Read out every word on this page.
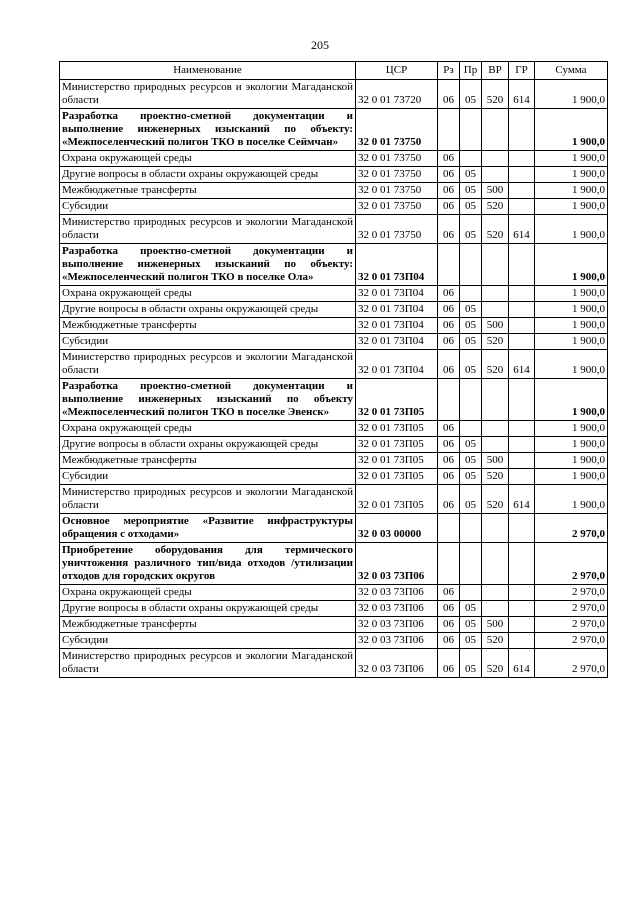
205
Наименование	ЦСР	Рз	Пр	ВР	ГР	Сумма
Министерство природных ресурсов и экологии Магаданской области	32 0 01 73720	06	05	520	614	1 900,0
Разработка проектно-сметной документации и выполнение инженерных изысканий по объекту: «Межпоселенческий полигон ТКО в поселке Сеймчан»	32 0 01 73750					1 900,0
Охрана окружающей среды	32 0 01 73750	06				1 900,0
Другие вопросы в области охраны окружающей среды	32 0 01 73750	06	05			1 900,0
Межбюджетные трансферты	32 0 01 73750	06	05	500		1 900,0
Субсидии	32 0 01 73750	06	05	520		1 900,0
Министерство природных ресурсов и экологии Магаданской области	32 0 01 73750	06	05	520	614	1 900,0
Разработка проектно-сметной документации и выполнение инженерных изысканий по объекту: «Межпоселенческий полигон ТКО в поселке Ола»	32 0 01 73П04					1 900,0
Охрана окружающей среды	32 0 01 73П04	06				1 900,0
Другие вопросы в области охраны окружающей среды	32 0 01 73П04	06	05			1 900,0
Межбюджетные трансферты	32 0 01 73П04	06	05	500		1 900,0
Субсидии	32 0 01 73П04	06	05	520		1 900,0
Министерство природных ресурсов и экологии Магаданской области	32 0 01 73П04	06	05	520	614	1 900,0
Разработка проектно-сметной документации и выполнение инженерных изысканий по объекту «Межпоселенческий полигон ТКО в поселке Эвенск»	32 0 01 73П05					1 900,0
Охрана окружающей среды	32 0 01 73П05	06				1 900,0
Другие вопросы в области охраны окружающей среды	32 0 01 73П05	06	05			1 900,0
Межбюджетные трансферты	32 0 01 73П05	06	05	500		1 900,0
Субсидии	32 0 01 73П05	06	05	520		1 900,0
Министерство природных ресурсов и экологии Магаданской области	32 0 01 73П05	06	05	520	614	1 900,0
Основное мероприятие «Развитие инфраструктуры обращения с отходами»	32 0 03 00000					2 970,0
Приобретение оборудования для термического уничтожения различного тип/вида отходов /утилизации отходов для городских округов	32 0 03 73П06					2 970,0
Охрана окружающей среды	32 0 03 73П06	06				2 970,0
Другие вопросы в области охраны окружающей среды	32 0 03 73П06	06	05			2 970,0
Межбюджетные трансферты	32 0 03 73П06	06	05	500		2 970,0
Субсидии	32 0 03 73П06	06	05	520		2 970,0
Министерство природных ресурсов и экологии Магаданской области	32 0 03 73П06	06	05	520	614	2 970,0
